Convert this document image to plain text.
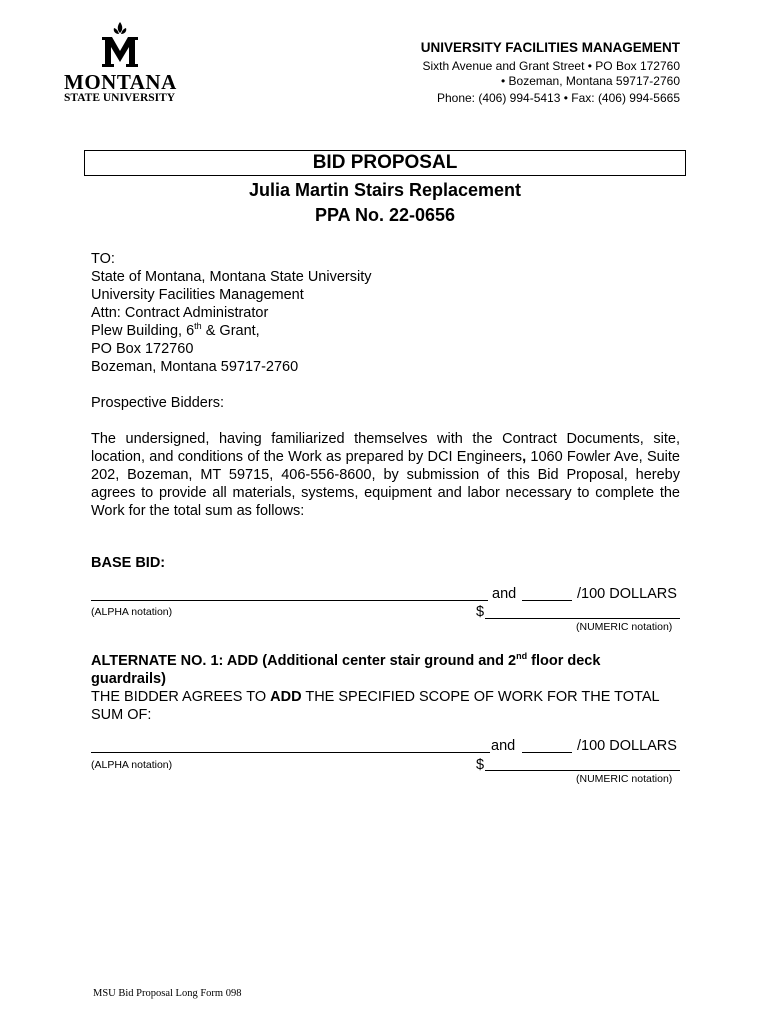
MONTANA
STATE UNIVERSITY
UNIVERSITY FACILITIES MANAGEMENT
Sixth Avenue and Grant Street • PO Box 172760
• Bozeman, Montana 59717-2760
Phone: (406) 994-5413 • Fax: (406) 994-5665
BID PROPOSAL
Julia Martin Stairs Replacement
PPA No. 22-0656
TO:
State of Montana, Montana State University
University Facilities Management
Attn: Contract Administrator
Plew Building, 6th & Grant,
PO Box 172760
Bozeman, Montana 59717-2760
Prospective Bidders:
The undersigned, having familiarized themselves with the Contract Documents, site, location, and conditions of the Work as prepared by DCI Engineers, 1060 Fowler Ave, Suite 202, Bozeman, MT 59715, 406-556-8600, by submission of this Bid Proposal, hereby agrees to provide all materials, systems, equipment and labor necessary to complete the Work for the total sum as follows:
BASE BID:
and	/100 DOLLARS
(ALPHA notation)	$
(NUMERIC notation)
ALTERNATE NO. 1: ADD (Additional center stair ground and 2nd floor deck
guardrails)
THE BIDDER AGREES TO ADD THE SPECIFIED SCOPE OF WORK FOR THE TOTAL
SUM OF:
and	/100 DOLLARS
(ALPHA notation)	$
(NUMERIC notation)
MSU Bid Proposal Long Form 098
